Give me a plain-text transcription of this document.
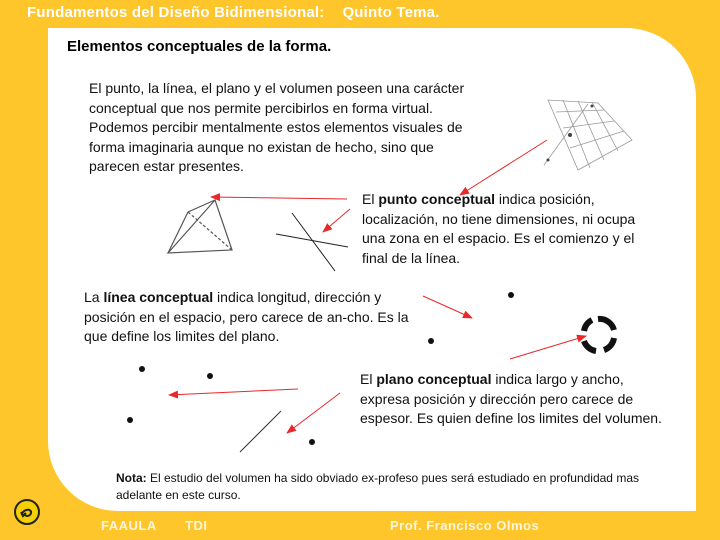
Fundamentos del Diseño Bidimensional: Quinto Tema.
Elementos conceptuales de la forma.
El punto, la línea, el plano y el volumen poseen una carácter conceptual que nos permite percibirlos en forma virtual. Podemos percibir mentalmente estos elementos visuales de forma imaginaria aunque no existan de hecho, sino que parecen estar presentes.
El punto conceptual indica posición, localización, no tiene dimensiones, ni ocupa una zona en el espacio. Es el comienzo y el final de la línea.
La línea conceptual indica longitud, dirección y posición en el espacio, pero carece de an-cho. Es la que define los limites del plano.
El plano conceptual indica largo y ancho, expresa posición y dirección pero carece de espesor. Es quien define los limites del volumen.
Nota: El estudio del volumen ha sido obviado ex-profeso pues será estudiado en profundidad mas adelante en este curso.
FAAULA TDI	Prof. Francisco Olmos
